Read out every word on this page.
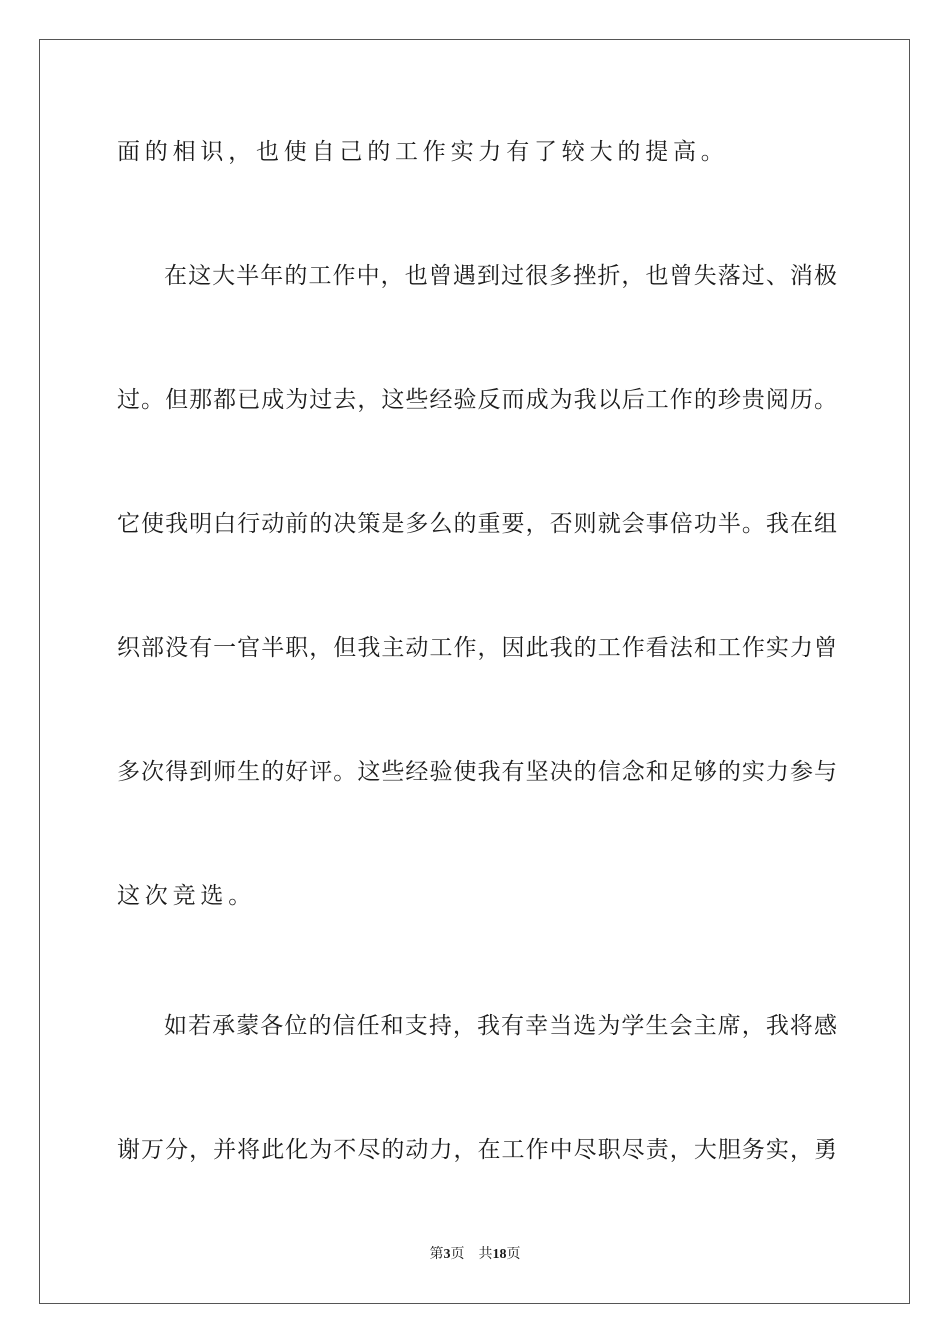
面的相识，也使自己的工作实力有了较大的提高。
在这大半年的工作中，也曾遇到过很多挫折，也曾失落过、消极
过。但那都已成为过去，这些经验反而成为我以后工作的珍贵阅历。
它使我明白行动前的决策是多么的重要，否则就会事倍功半。我在组
织部没有一官半职，但我主动工作，因此我的工作看法和工作实力曾
多次得到师生的好评。这些经验使我有坚决的信念和足够的实力参与
这次竞选。
如若承蒙各位的信任和支持，我有幸当选为学生会主席，我将感
谢万分，并将此化为不尽的动力，在工作中尽职尽责，大胆务实，勇
第3页 共18页
